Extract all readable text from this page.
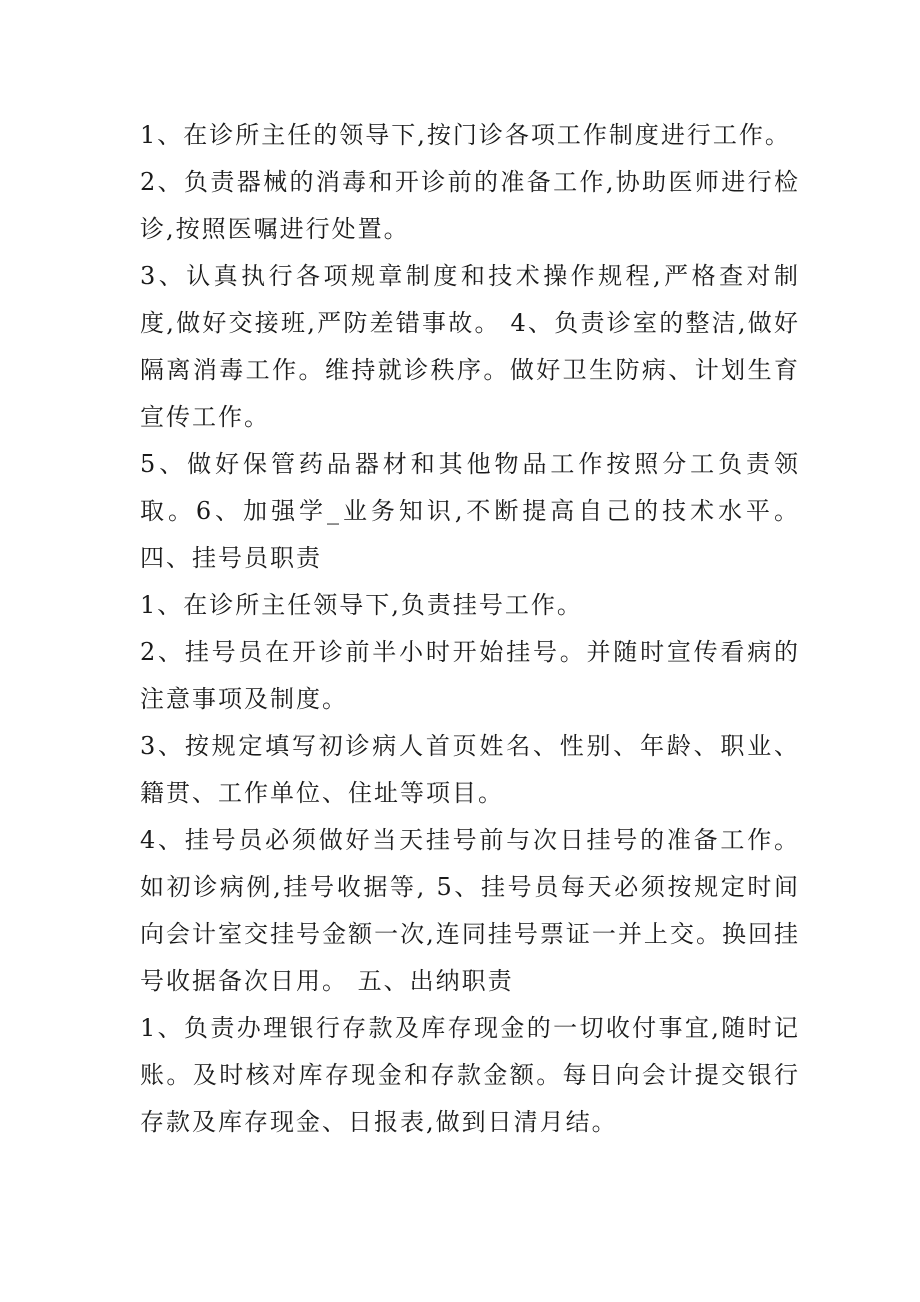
1、在诊所主任的领导下,按门诊各项工作制度进行工作。

2、负责器械的消毒和开诊前的准备工作,协助医师进行检诊,按照医嘱进行处置。

3、认真执行各项规章制度和技术操作规程,严格查对制度,做好交接班,严防差错事故。 4、负责诊室的整洁,做好隔离消毒工作。维持就诊秩序。做好卫生防病、计划生育宣传工作。

5、做好保管药品器材和其他物品工作按照分工负责领取。6、加强学_业务知识,不断提高自己的技术水平。 四、挂号员职责

1、在诊所主任领导下,负责挂号工作。

2、挂号员在开诊前半小时开始挂号。并随时宣传看病的注意事项及制度。

3、按规定填写初诊病人首页姓名、性别、年龄、职业、籍贯、工作单位、住址等项目。

4、挂号员必须做好当天挂号前与次日挂号的准备工作。如初诊病例,挂号收据等, 5、挂号员每天必须按规定时间向会计室交挂号金额一次,连同挂号票证一并上交。换回挂号收据备次日用。 五、出纳职责

1、负责办理银行存款及库存现金的一切收付事宜,随时记账。及时核对库存现金和存款金额。每日向会计提交银行存款及库存现金、日报表,做到日清月结。
